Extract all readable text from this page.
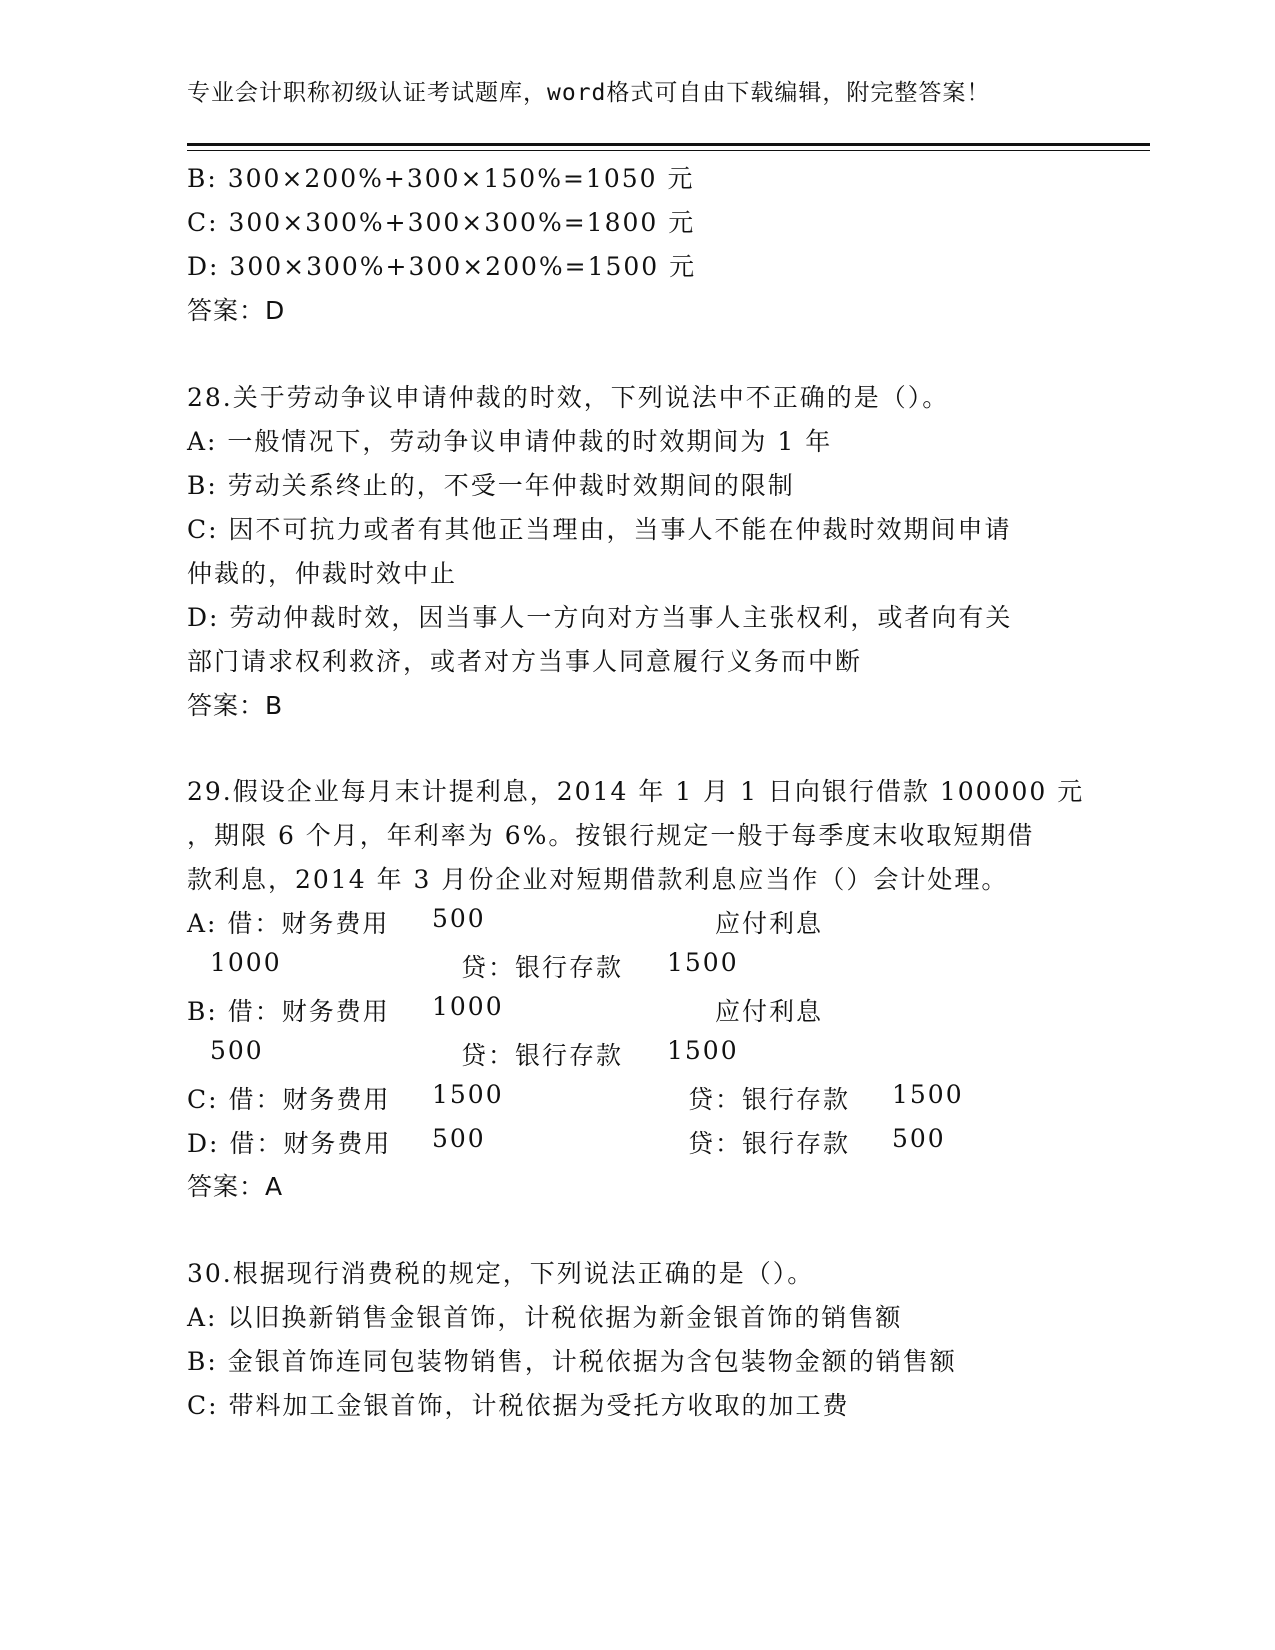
专业会计职称初级认证考试题库，word格式可自由下载编辑，附完整答案！
B: 300×200%+300×150%=1050 元
C: 300×300%+300×300%=1800 元
D: 300×300%+300×200%=1500 元
答案：D
28.关于劳动争议申请仲裁的时效，下列说法中不正确的是（）。
A: 一般情况下，劳动争议申请仲裁的时效期间为 1 年
B: 劳动关系终止的，不受一年仲裁时效期间的限制
C: 因不可抗力或者有其他正当理由，当事人不能在仲裁时效期间申请
仲裁的，仲裁时效中止
D: 劳动仲裁时效，因当事人一方向对方当事人主张权利，或者向有关
部门请求权利救济，或者对方当事人同意履行义务而中断
答案：B
29.假设企业每月末计提利息，2014 年 1 月 1 日向银行借款 100000 元
，期限 6 个月，年利率为 6%。按银行规定一般于每季度末收取短期借
款利息，2014 年 3 月份企业对短期借款利息应当作（）会计处理。
A: 借：财务费用 500	应付利息
1000	贷：银行存款 1500
B: 借：财务费用 1000	应付利息
500	贷：银行存款 1500
C: 借：财务费用 1500	贷：银行存款 1500
D: 借：财务费用 500	贷：银行存款 500
答案：A
30.根据现行消费税的规定，下列说法正确的是（）。
A: 以旧换新销售金银首饰，计税依据为新金银首饰的销售额
B: 金银首饰连同包装物销售，计税依据为含包装物金额的销售额
C: 带料加工金银首饰，计税依据为受托方收取的加工费
